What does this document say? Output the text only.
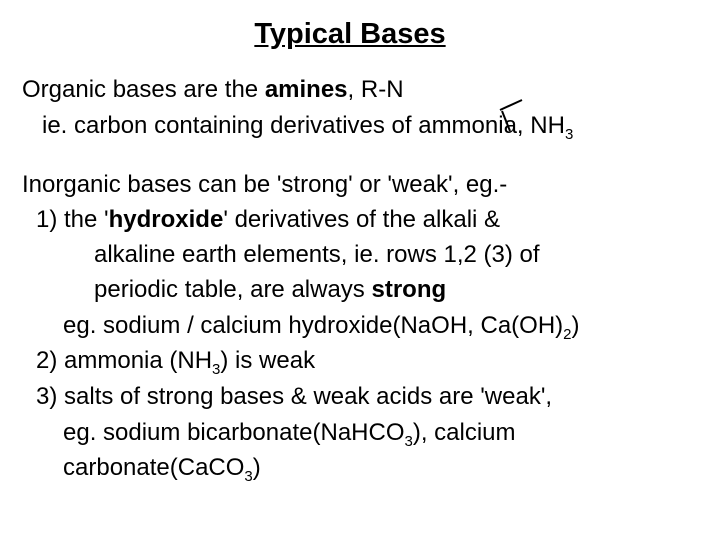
Typical Bases
Organic bases are the amines, R-N
ie. carbon containing derivatives of ammonia, $NH_3$
Inorganic bases can be 'strong' or 'weak', eg.-
1) the 'hydroxide' derivatives of the alkali &
alkaline earth elements, ie. rows 1,2 (3) of
periodic table, are always strong
eg. sodium / calcium hydroxide(NaOH, $Ca(OH)_2$)
2) ammonia $(NH_3)$ is weak
3) salts of strong bases & weak acids are 'weak',
eg. sodium bicarbonate(NaHCO$_3$), calcium
carbonate(CaCO$_3$)
